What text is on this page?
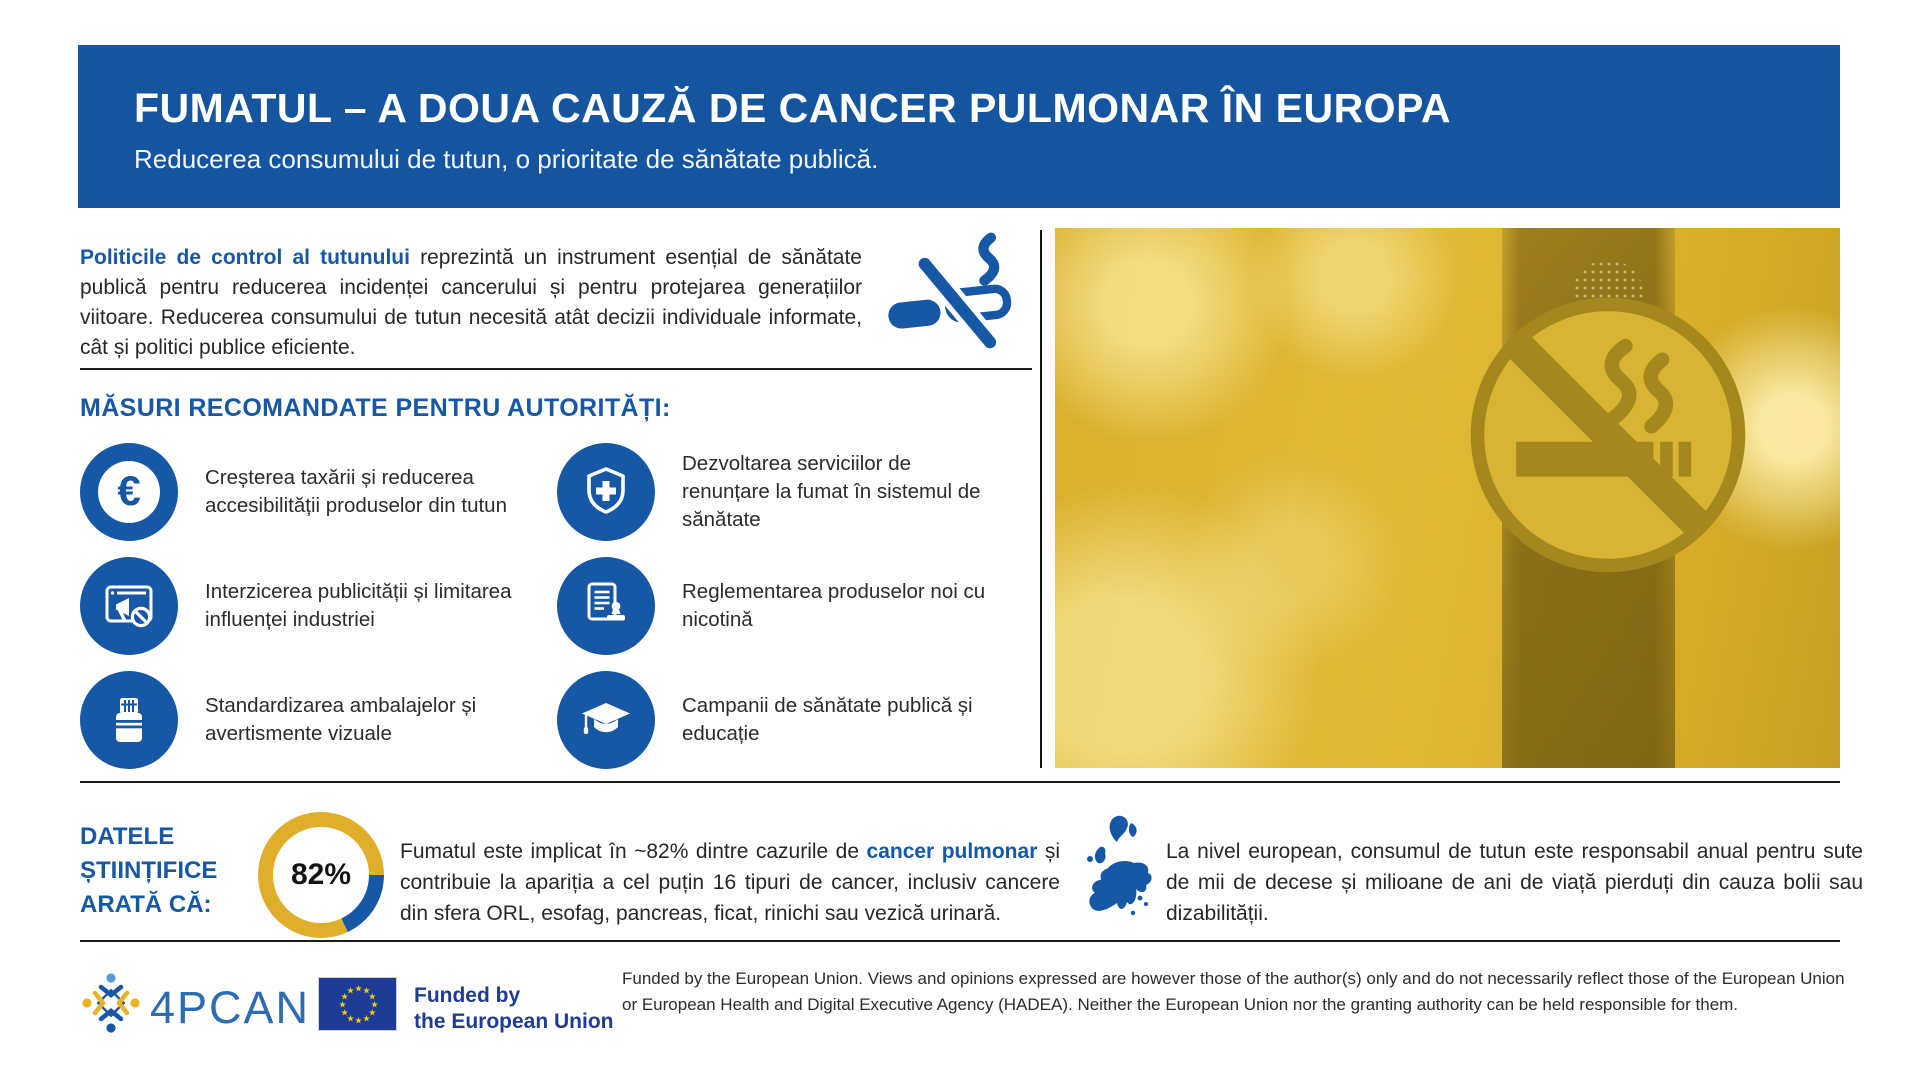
FUMATUL – A DOUA CAUZĂ DE CANCER PULMONAR ÎN EUROPA
Reducerea consumului de tutun, o prioritate de sănătate publică.

Politicile de control al tutunului reprezintă un instrument esențial de sănătate publică pentru reducerea incidenței cancerului și pentru protejarea generațiilor viitoare. Reducerea consumului de tutun necesită atât decizii individuale informate, cât și politici publice eficiente.

MĂSURI RECOMANDATE PENTRU AUTORITĂȚI:
€	Creșterea taxării și reducerea accesibilității produselor din tutun
Dezvoltarea serviciilor de renunțare la fumat în sistemul de sănătate
Interzicerea publicității și limitarea influenței industriei
Reglementarea produselor noi cu nicotină
Standardizarea ambalajelor și avertismente vizuale
Campanii de sănătate publică și educație
DATELE ȘTIINȚIFICE ARATĂ CĂ:
82%

Fumatul este implicat în ~82% dintre cazurile de cancer pulmonar și contribuie la apariția a cel puțin 16 tipuri de cancer, inclusiv cancere din sfera ORL, esofag, pancreas, ficat, rinichi sau vezică urinară.

La nivel european, consumul de tutun este responsabil anual pentru sute de mii de decese și milioane de ani de viață pierduți din cauza bolii sau dizabilității.

4PCAN	★ ★
★
★
★
★
★
★
★
★
★
★	Funded by
the European Union

Funded by the European Union. Views and opinions expressed are however those of the author(s) only and do not necessarily reflect those of the European Union or European Health and Digital Executive Agency (HADEA). Neither the European Union nor the granting authority can be held responsible for them.
